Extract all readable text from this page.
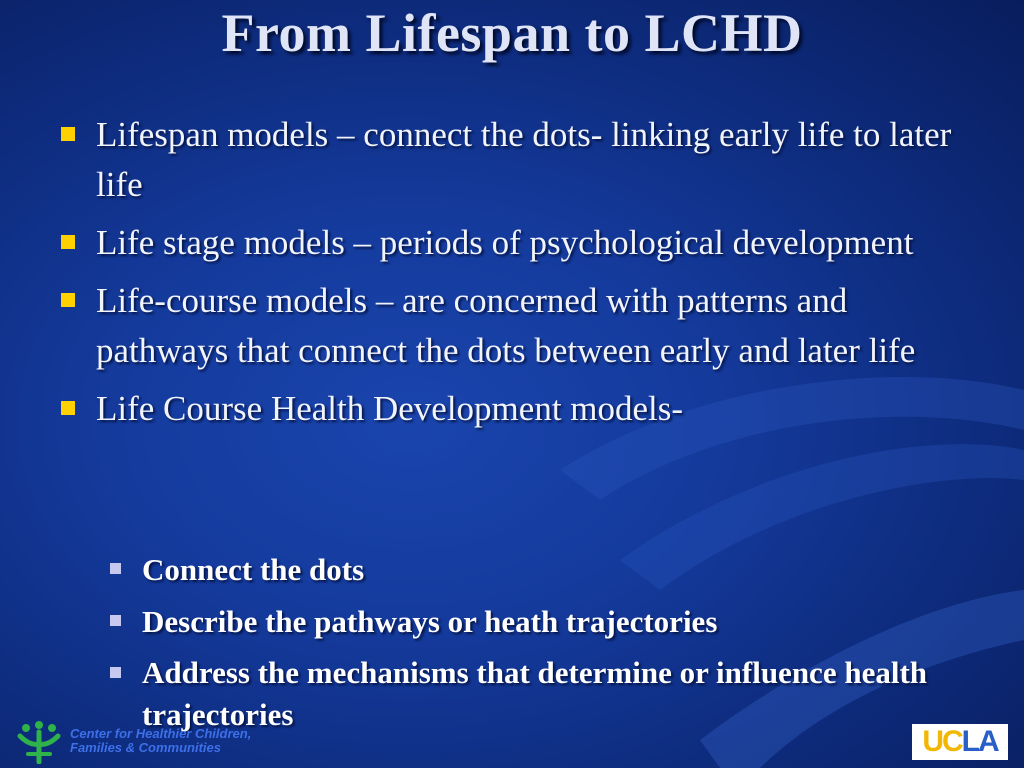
From Lifespan to LCHD
Lifespan models – connect the dots- linking early life to later life
Life stage models – periods of psychological development
Life-course models – are concerned with patterns and pathways that connect the dots between early and later life
Life Course Health Development models-
Connect the dots
Describe the pathways or heath trajectories
Address the mechanisms that determine or influence health trajectories
Center for Healthier Children,
Families & Communities	UC LA
